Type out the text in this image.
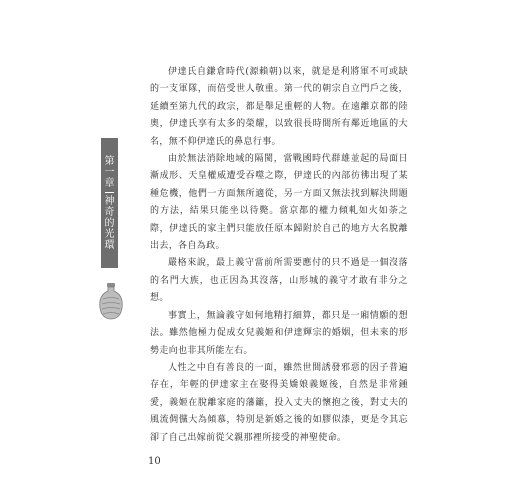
第一章
神奇的光環

伊達氏自鎌倉時代(源賴朝)以來，就是是利將軍不可或缺的一支軍隊，而倍受世人敬重。第一代的朝宗自立門戶之後，延續至第九代的政宗，都是舉足重輕的人物。在遠離京都的陸奧，伊達氏享有太多的榮耀，以致很長時間所有鄰近地區的大名，無不仰伊達氏的鼻息行事。

由於無法消除地域的隔閡，當戰國時代群雄並起的局面日漸成形、天皇權威遭受吞噬之際，伊達氏的內部彷彿出現了某種危機，他們一方面無所適從，另一方面又無法找到解決問題的方法，結果只能坐以待斃。當京都的權力傾軋如火如荼之際，伊達氏的家主們只能放任原本歸附於自己的地方大名脫離出去，各自為政。

嚴格來說，最上義守當前所需要應付的只不過是一個沒落的名門大族，也正因為其沒落，山形城的義守才敢有非分之想。

事實上，無論義守如何地精打細算，都只是一廂情願的想法。雖然他極力促成女兒義姬和伊達輝宗的婚姻，但未來的形勢走向也非其所能左右。

人性之中自有善良的一面，雖然世間誘發邪惡的因子普遍存在，年輕的伊達家主在娶得美嬌娘義姬後，自然是非常鍾愛，義姬在脫離家庭的藩籬，投入丈夫的懷抱之後，對丈夫的風流倜儻大為傾慕，特別是新婚之後的如膠似漆，更是令其忘卻了自己出嫁前從父親那裡所接受的神聖使命。

10
